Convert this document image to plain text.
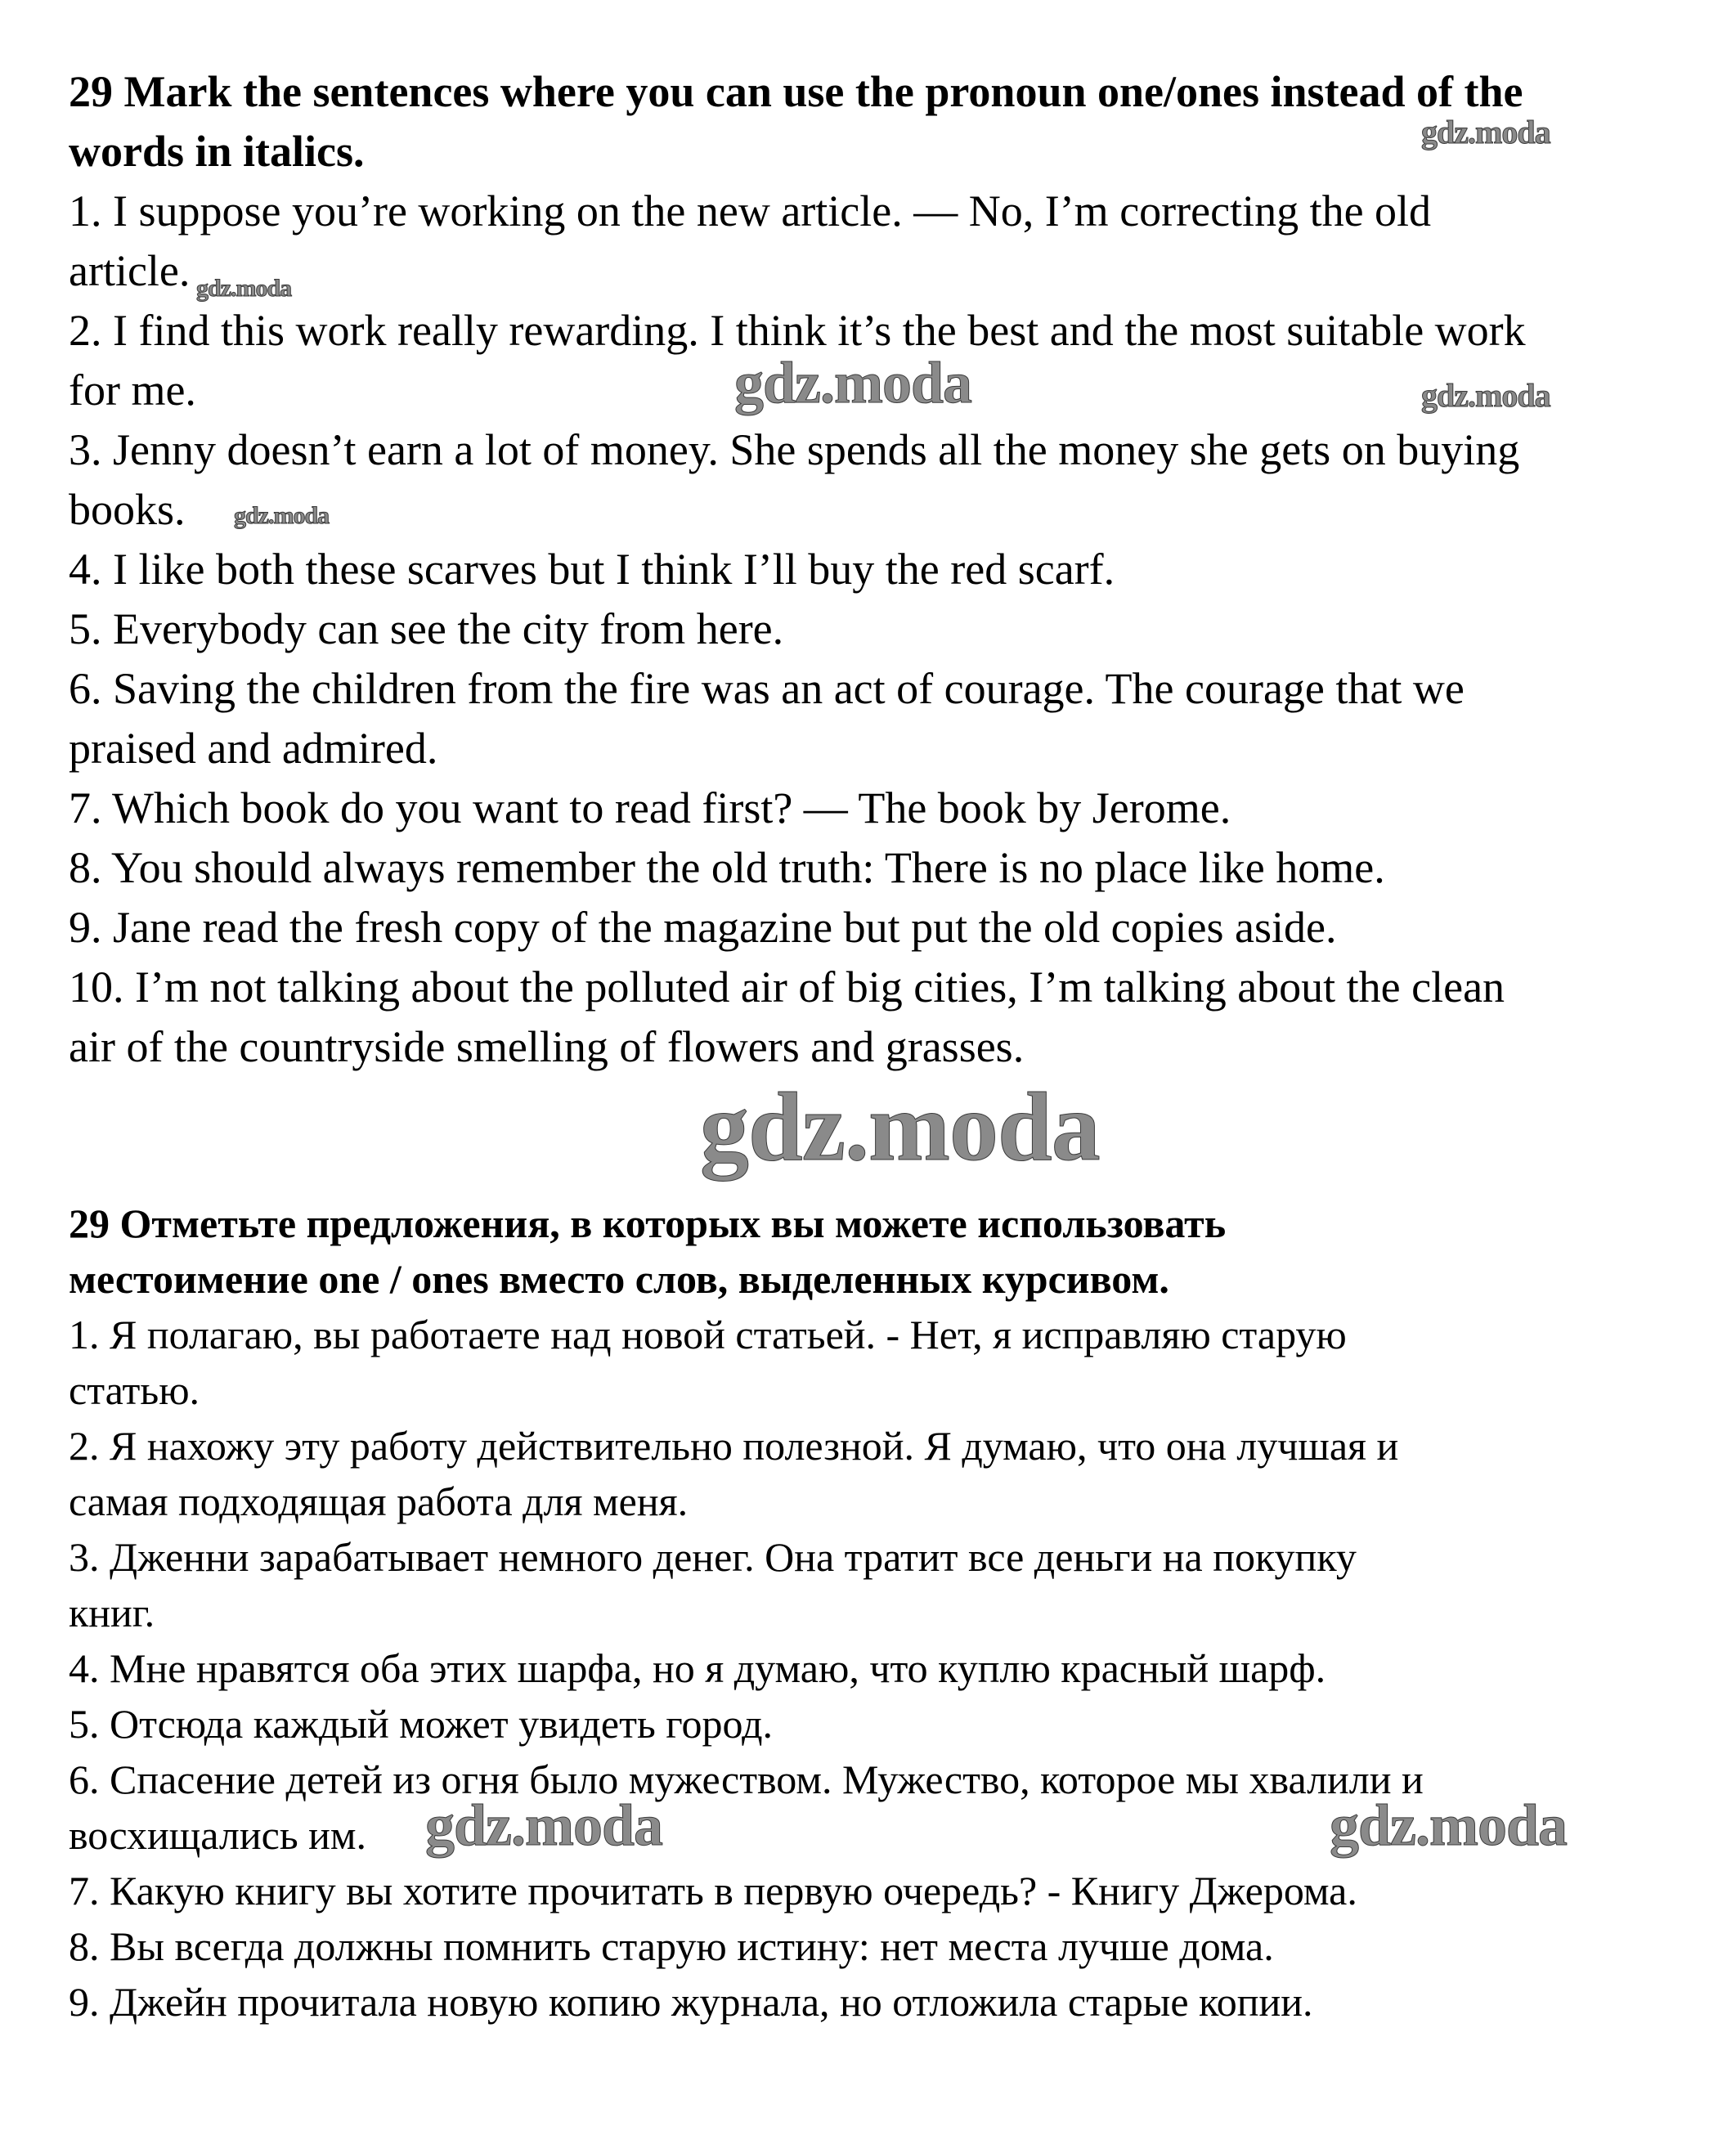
29 Mark the sentences where you can use the pronoun one/ones instead of the
words in italics.
1. I suppose you’re working on the new article. — No, I’m correcting the old
article.
2. I find this work really rewarding. I think it’s the best and the most suitable work
for me.
3. Jenny doesn’t earn a lot of money. She spends all the money she gets on buying
books.
4. I like both these scarves but I think I’ll buy the red scarf.
5. Everybody can see the city from here.
6. Saving the children from the fire was an act of courage. The courage that we
praised and admired.
7. Which book do you want to read first? — The book by Jerome.
8. You should always remember the old truth: There is no place like home.
9. Jane read the fresh copy of the magazine but put the old copies aside.
10. I’m not talking about the polluted air of big cities, I’m talking about the clean
air of the countryside smelling of flowers and grasses.
29 Отметьте предложения, в которых вы можете использовать
местоимение one / ones вместо слов, выделенных курсивом.
1. Я полагаю, вы работаете над новой статьей. - Нет, я исправляю старую
статью.
2. Я нахожу эту работу действительно полезной. Я думаю, что она лучшая и
самая подходящая работа для меня.
3. Дженни зарабатывает немного денег. Она тратит все деньги на покупку
книг.
4. Мне нравятся оба этих шарфа, но я думаю, что куплю красный шарф.
5. Отсюда каждый может увидеть город.
6. Спасение детей из огня было мужеством. Мужество, которое мы хвалили и
восхищались им.
7. Какую книгу вы хотите прочитать в первую очередь? - Книгу Джерома.
8. Вы всегда должны помнить старую истину: нет места лучше дома.
9. Джейн прочитала новую копию журнала, но отложила старые копии.
gdz.moda
gdz.moda
gdz.moda	gdz.moda
gdz.moda
gdz.moda
gdz.moda	gdz.moda
